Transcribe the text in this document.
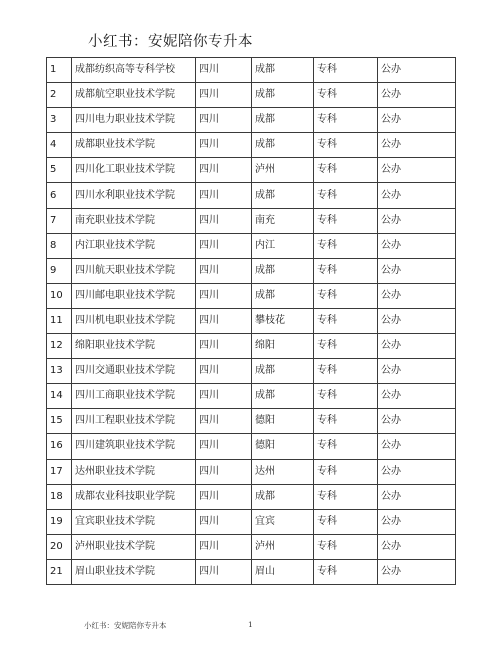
小红书：安妮陪你专升本
1	成都纺织高等专科学校	四川	成都	专科	公办
2	成都航空职业技术学院	四川	成都	专科	公办
3	四川电力职业技术学院	四川	成都	专科	公办
4	成都职业技术学院	四川	成都	专科	公办
5	四川化工职业技术学院	四川	泸州	专科	公办
6	四川水利职业技术学院	四川	成都	专科	公办
7	南充职业技术学院	四川	南充	专科	公办
8	内江职业技术学院	四川	内江	专科	公办
9	四川航天职业技术学院	四川	成都	专科	公办
10	四川邮电职业技术学院	四川	成都	专科	公办
11	四川机电职业技术学院	四川	攀枝花	专科	公办
12	绵阳职业技术学院	四川	绵阳	专科	公办
13	四川交通职业技术学院	四川	成都	专科	公办
14	四川工商职业技术学院	四川	成都	专科	公办
15	四川工程职业技术学院	四川	德阳	专科	公办
16	四川建筑职业技术学院	四川	德阳	专科	公办
17	达州职业技术学院	四川	达州	专科	公办
18	成都农业科技职业学院	四川	成都	专科	公办
19	宜宾职业技术学院	四川	宜宾	专科	公办
20	泸州职业技术学院	四川	泸州	专科	公办
21	眉山职业技术学院	四川	眉山	专科	公办
小红书：安妮陪你专升本	1
